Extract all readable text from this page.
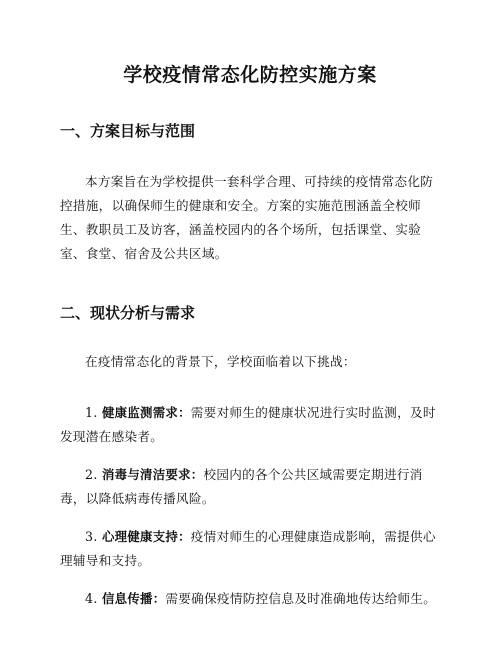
学校疫情常态化防控实施方案
一、方案目标与范围

本方案旨在为学校提供一套科学合理、可持续的疫情常态化防控措施，以确保师生的健康和安全。方案的实施范围涵盖全校师生、教职员工及访客，涵盖校园内的各个场所，包括课堂、实验室、食堂、宿舍及公共区域。

二、现状分析与需求

在疫情常态化的背景下，学校面临着以下挑战：

1. 健康监测需求：需要对师生的健康状况进行实时监测，及时发现潜在感染者。
2. 消毒与清洁要求：校园内的各个公共区域需要定期进行消毒，以降低病毒传播风险。
3. 心理健康支持：疫情对师生的心理健康造成影响，需提供心理辅导和支持。
4. 信息传播：需要确保疫情防控信息及时准确地传达给师生。
